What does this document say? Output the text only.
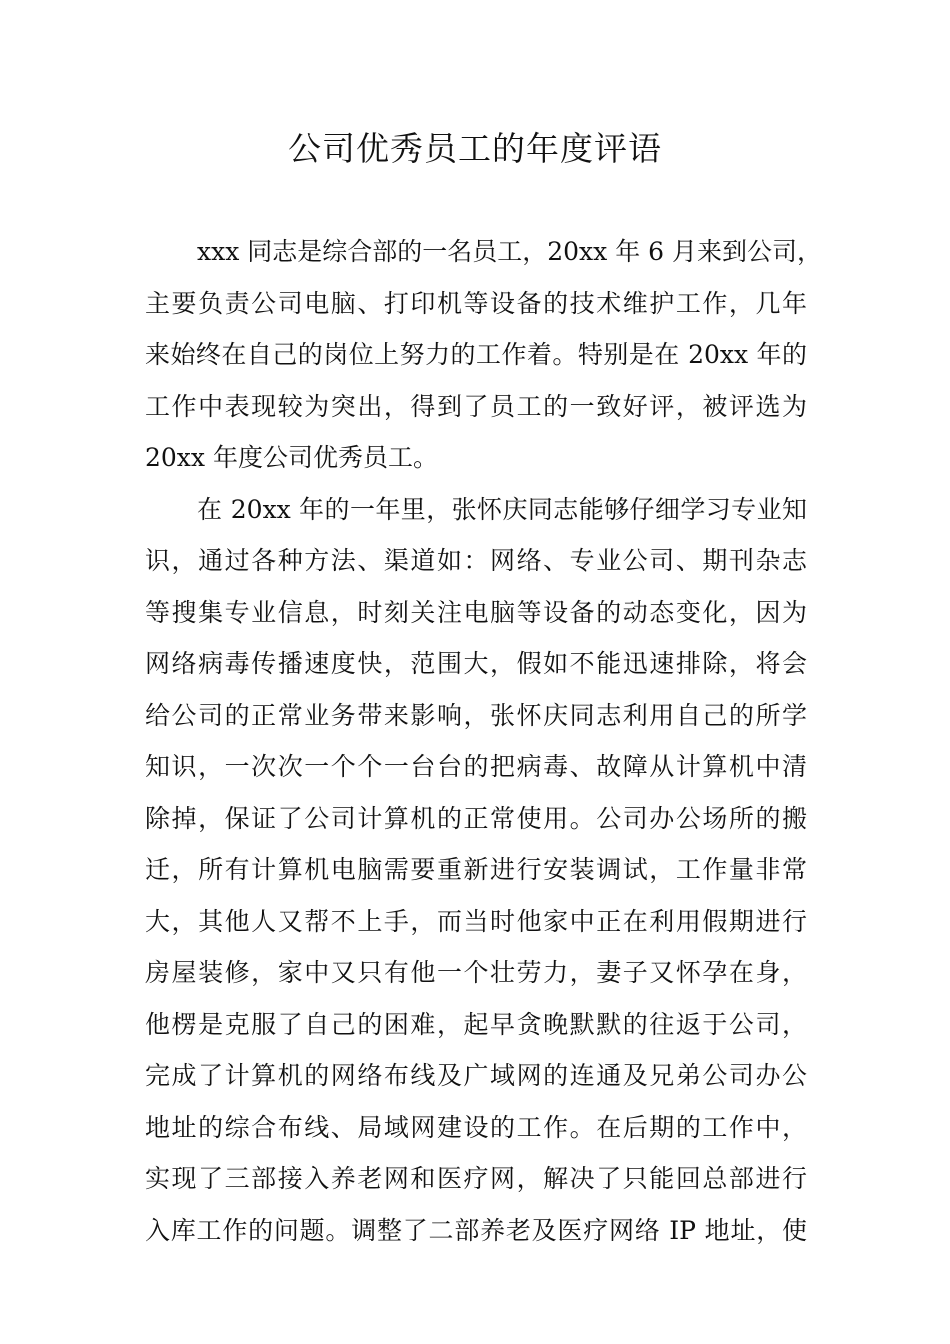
公司优秀员工的年度评语
xxx 同志是综合部的一名员工，20xx 年 6 月来到公司，
主要负责公司电脑、打印机等设备的技术维护工作，几年
来始终在自己的岗位上努力的工作着。特别是在 20xx 年的
工作中表现较为突出，得到了员工的一致好评，被评选为
20xx 年度公司优秀员工。
在 20xx 年的一年里，张怀庆同志能够仔细学习专业知
识，通过各种方法、渠道如：网络、专业公司、期刊杂志
等搜集专业信息，时刻关注电脑等设备的动态变化，因为
网络病毒传播速度快，范围大，假如不能迅速排除，将会
给公司的正常业务带来影响，张怀庆同志利用自己的所学
知识，一次次一个个一台台的把病毒、故障从计算机中清
除掉，保证了公司计算机的正常使用。公司办公场所的搬
迁，所有计算机电脑需要重新进行安装调试，工作量非常
大，其他人又帮不上手，而当时他家中正在利用假期进行
房屋装修，家中又只有他一个壮劳力，妻子又怀孕在身，
他楞是克服了自己的困难，起早贪晚默默的往返于公司，
完成了计算机的网络布线及广域网的连通及兄弟公司办公
地址的综合布线、局域网建设的工作。在后期的工作中，
实现了三部接入养老网和医疗网，解决了只能回总部进行
入库工作的问题。调整了二部养老及医疗网络 IP 地址，使
